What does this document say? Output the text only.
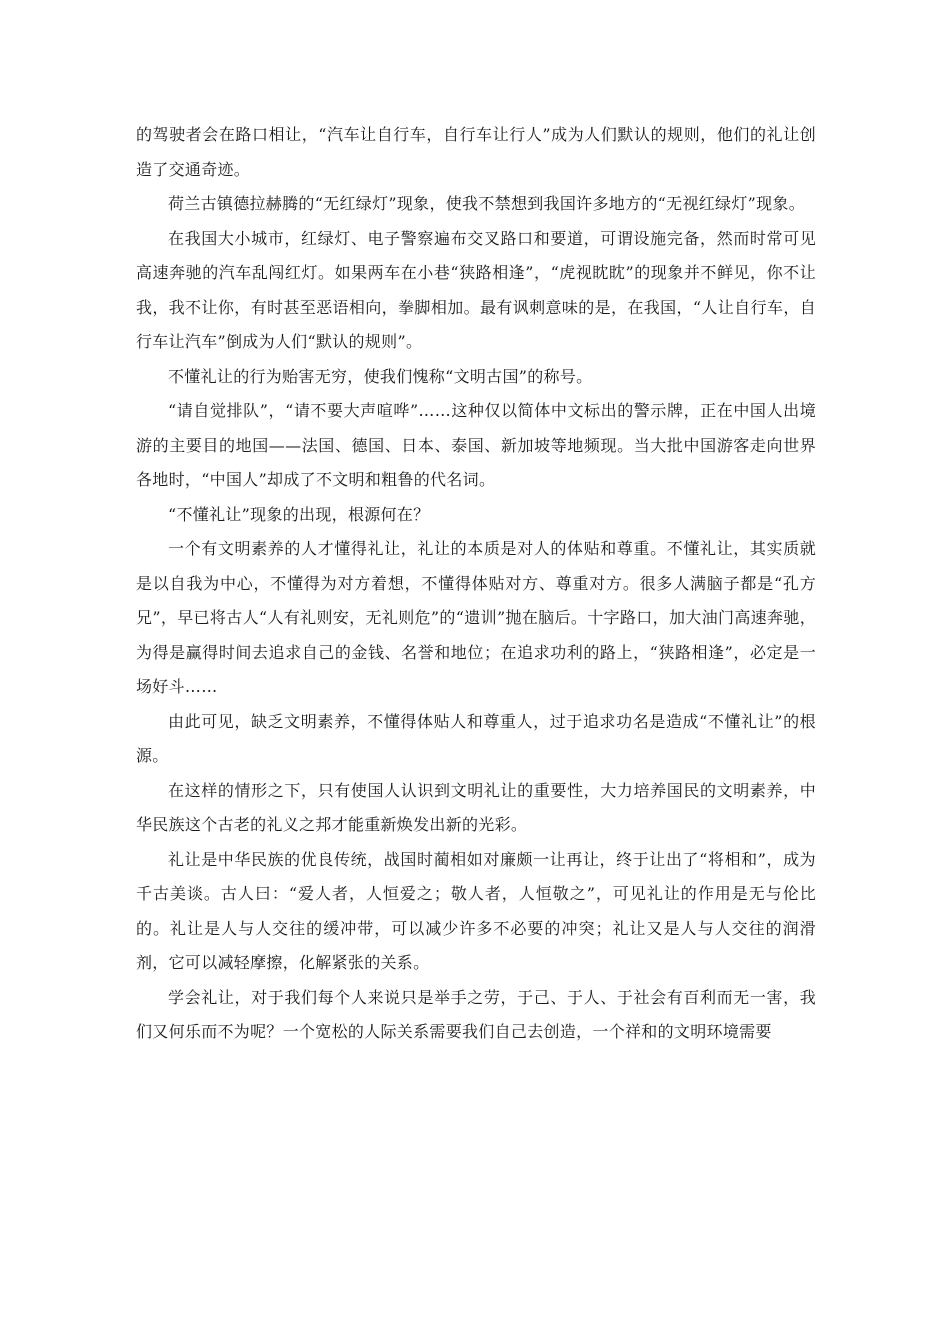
的驾驶者会在路口相让，“汽车让自行车，自行车让行人”成为人们默认的规则，他们的礼让创造了交通奇迹。

荷兰古镇德拉赫腾的“无红绿灯”现象，使我不禁想到我国许多地方的“无视红绿灯”现象。

在我国大小城市，红绿灯、电子警察遍布交叉路口和要道，可谓设施完备，然而时常可见高速奔驰的汽车乱闯红灯。如果两车在小巷“狭路相逢”，“虎视眈眈”的现象并不鲜见，你不让我，我不让你，有时甚至恶语相向，拳脚相加。最有讽刺意味的是，在我国，“人让自行车，自行车让汽车”倒成为人们“默认的规则”。

不懂礼让的行为贻害无穷，使我们愧称“文明古国”的称号。

“请自觉排队”，“请不要大声喧哗”……这种仅以简体中文标出的警示牌，正在中国人出境游的主要目的地国——法国、德国、日本、泰国、新加坡等地频现。当大批中国游客走向世界各地时，“中国人”却成了不文明和粗鲁的代名词。

“不懂礼让”现象的出现，根源何在？

一个有文明素养的人才懂得礼让，礼让的本质是对人的体贴和尊重。不懂礼让，其实质就是以自我为中心，不懂得为对方着想，不懂得体贴对方、尊重对方。很多人满脑子都是“孔方兄”，早已将古人“人有礼则安，无礼则危”的“遗训”抛在脑后。十字路口，加大油门高速奔驰，为得是赢得时间去追求自己的金钱、名誉和地位；在追求功利的路上，“狭路相逢”，必定是一场好斗……

由此可见，缺乏文明素养，不懂得体贴人和尊重人，过于追求功名是造成“不懂礼让”的根源。

在这样的情形之下，只有使国人认识到文明礼让的重要性，大力培养国民的文明素养，中华民族这个古老的礼义之邦才能重新焕发出新的光彩。

礼让是中华民族的优良传统，战国时蔺相如对廉颇一让再让，终于让出了“将相和”，成为千古美谈。古人曰：“爱人者，人恒爱之；敬人者，人恒敬之”，可见礼让的作用是无与伦比的。礼让是人与人交往的缓冲带，可以减少许多不必要的冲突；礼让又是人与人交往的润滑剂，它可以减轻摩擦，化解紧张的关系。

学会礼让，对于我们每个人来说只是举手之劳，于己、于人、于社会有百利而无一害，我们又何乐而不为呢？一个宽松的人际关系需要我们自己去创造，一个祥和的文明环境需要
